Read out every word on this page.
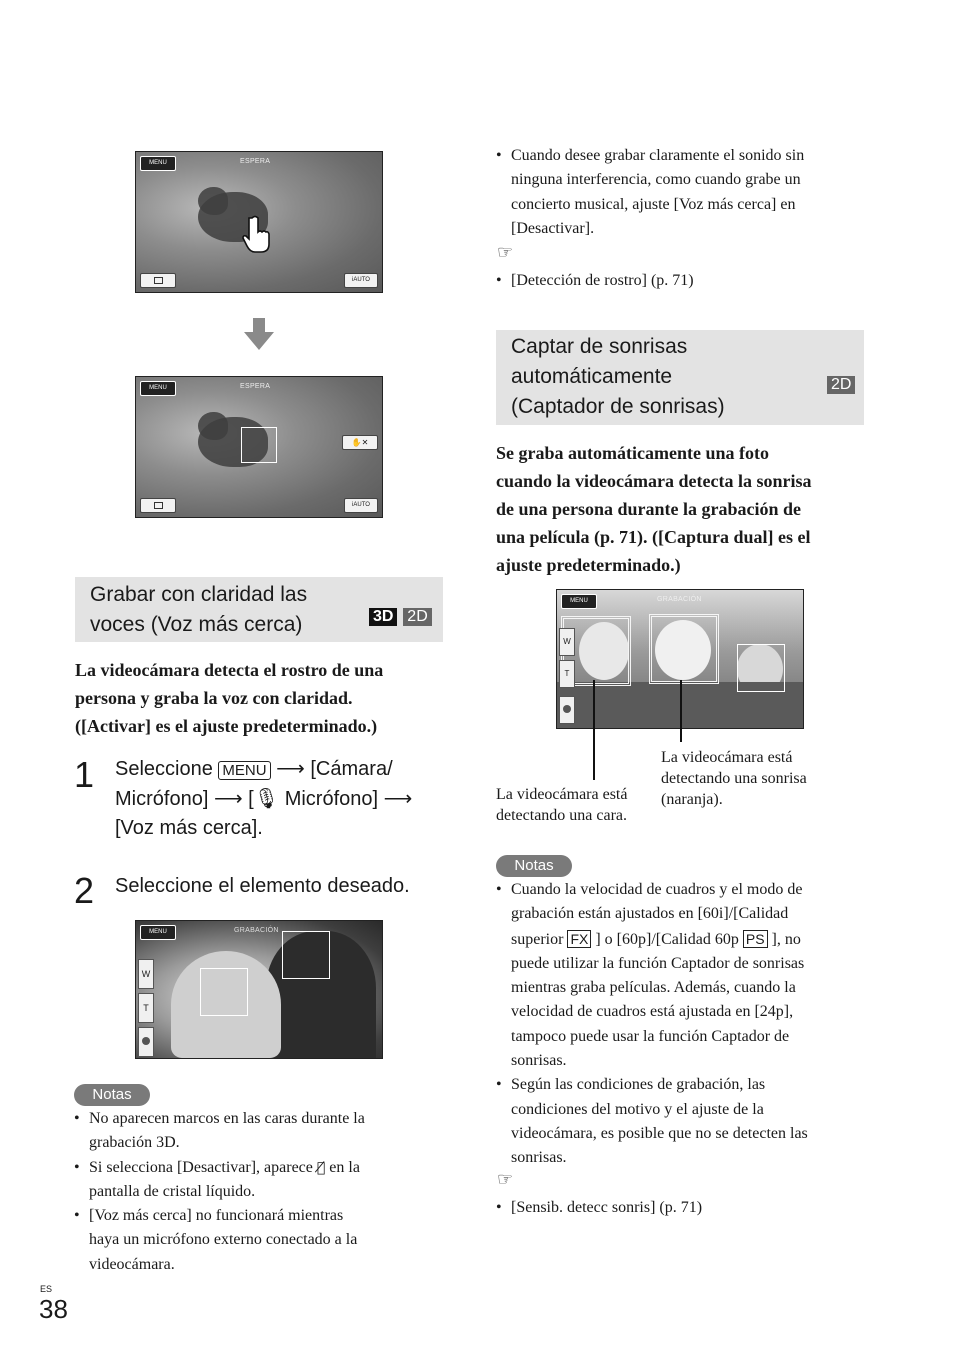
MENU	ESPERA
iAUTO
MENU	ESPERA
✋✕
iAUTO
Grabar con claridad las
voces (Voz más cerca)	3D 2D
La videocámara detecta el rostro de una
persona y graba la voz con claridad.
([Activar] es el ajuste predeterminado.)
1 Seleccione MENU ⟶ [Cámara/
Micrófono] ⟶ [🎙 Micrófono] ⟶
[Voz más cerca].
2 Seleccione el elemento deseado.
MENU	GRABACIÓN
W
T
Notas
• No aparecen marcos en las caras durante la
grabación 3D.
• Si selecciona [Desactivar], aparece 🎙̸ en la
pantalla de cristal líquido.
• [Voz más cerca] no funcionará mientras
haya un micrófono externo conectado a la
videocámara.
ES
38
• Cuando desee grabar claramente el sonido sin
ninguna interferencia, como cuando grabe un
concierto musical, ajuste [Voz más cerca] en
[Desactivar].
☞
• [Detección de rostro] (p. 71)
Captar de sonrisas
automáticamente
(Captador de sonrisas)
2D
Se graba automáticamente una foto
cuando la videocámara detecta la sonrisa
de una persona durante la grabación de
una película (p. 71). ([Captura dual] es el
ajuste predeterminado.)
MENU	GRABACIÓN
W
T
La videocámara está
detectando una sonrisa
(naranja).
La videocámara está
detectando una cara.
Notas
• Cuando la velocidad de cuadros y el modo de
grabación están ajustados en [60i]/[Calidad
superior FX ] o [60p]/[Calidad 60p PS ], no
puede utilizar la función Captador de sonrisas
mientras graba películas. Además, cuando la
velocidad de cuadros está ajustada en [24p],
tampoco puede usar la función Captador de
sonrisas.
• Según las condiciones de grabación, las
condiciones del motivo y el ajuste de la
videocámara, es posible que no se detecten las
sonrisas.
☞
• [Sensib. detecc sonris] (p. 71)
